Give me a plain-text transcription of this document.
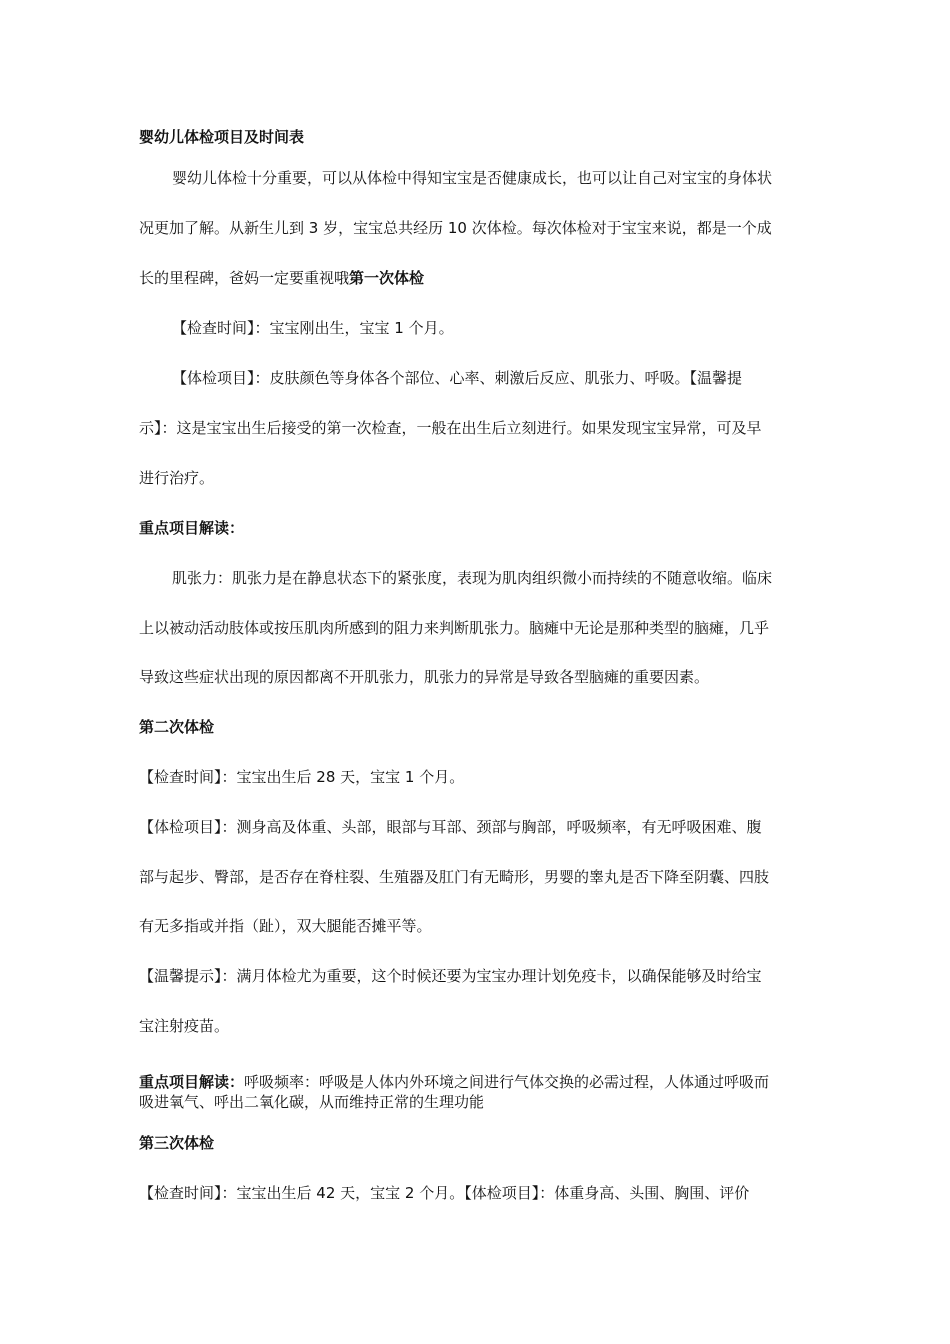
婴幼儿体检项目及时间表
婴幼儿体检十分重要，可以从体检中得知宝宝是否健康成长，也可以让自己对宝宝的身体状
况更加了解。从新生儿到 3 岁，宝宝总共经历 10 次体检。每次体检对于宝宝来说，都是一个成
长的里程碑，爸妈一定要重视哦第一次体检
【检查时间】：宝宝刚出生，宝宝 1 个月。
【体检项目】：皮肤颜色等身体各个部位、心率、刺激后反应、肌张力、呼吸。【温馨提
示】：这是宝宝出生后接受的第一次检查，一般在出生后立刻进行。如果发现宝宝异常，可及早
进行治疗。
重点项目解读：
肌张力：肌张力是在静息状态下的紧张度，表现为肌肉组织微小而持续的不随意收缩。临床
上以被动活动肢体或按压肌肉所感到的阻力来判断肌张力。脑瘫中无论是那种类型的脑瘫，几乎
导致这些症状出现的原因都离不开肌张力，肌张力的异常是导致各型脑瘫的重要因素。
第二次体检
【检查时间】：宝宝出生后 28 天，宝宝 1 个月。
【体检项目】：测身高及体重、头部，眼部与耳部、颈部与胸部，呼吸频率，有无呼吸困难、腹
部与起步、臀部，是否存在脊柱裂、生殖器及肛门有无畸形，男婴的睾丸是否下降至阴囊、四肢
有无多指或并指（趾），双大腿能否摊平等。
【温馨提示】：满月体检尤为重要，这个时候还要为宝宝办理计划免疫卡，以确保能够及时给宝
宝注射疫苗。
重点项目解读：呼吸频率：呼吸是人体内外环境之间进行气体交换的必需过程，人体通过呼吸而
吸进氧气、呼出二氧化碳，从而维持正常的生理功能
第三次体检
【检查时间】：宝宝出生后 42 天，宝宝 2 个月。【体检项目】：体重身高、头围、胸围、评价
